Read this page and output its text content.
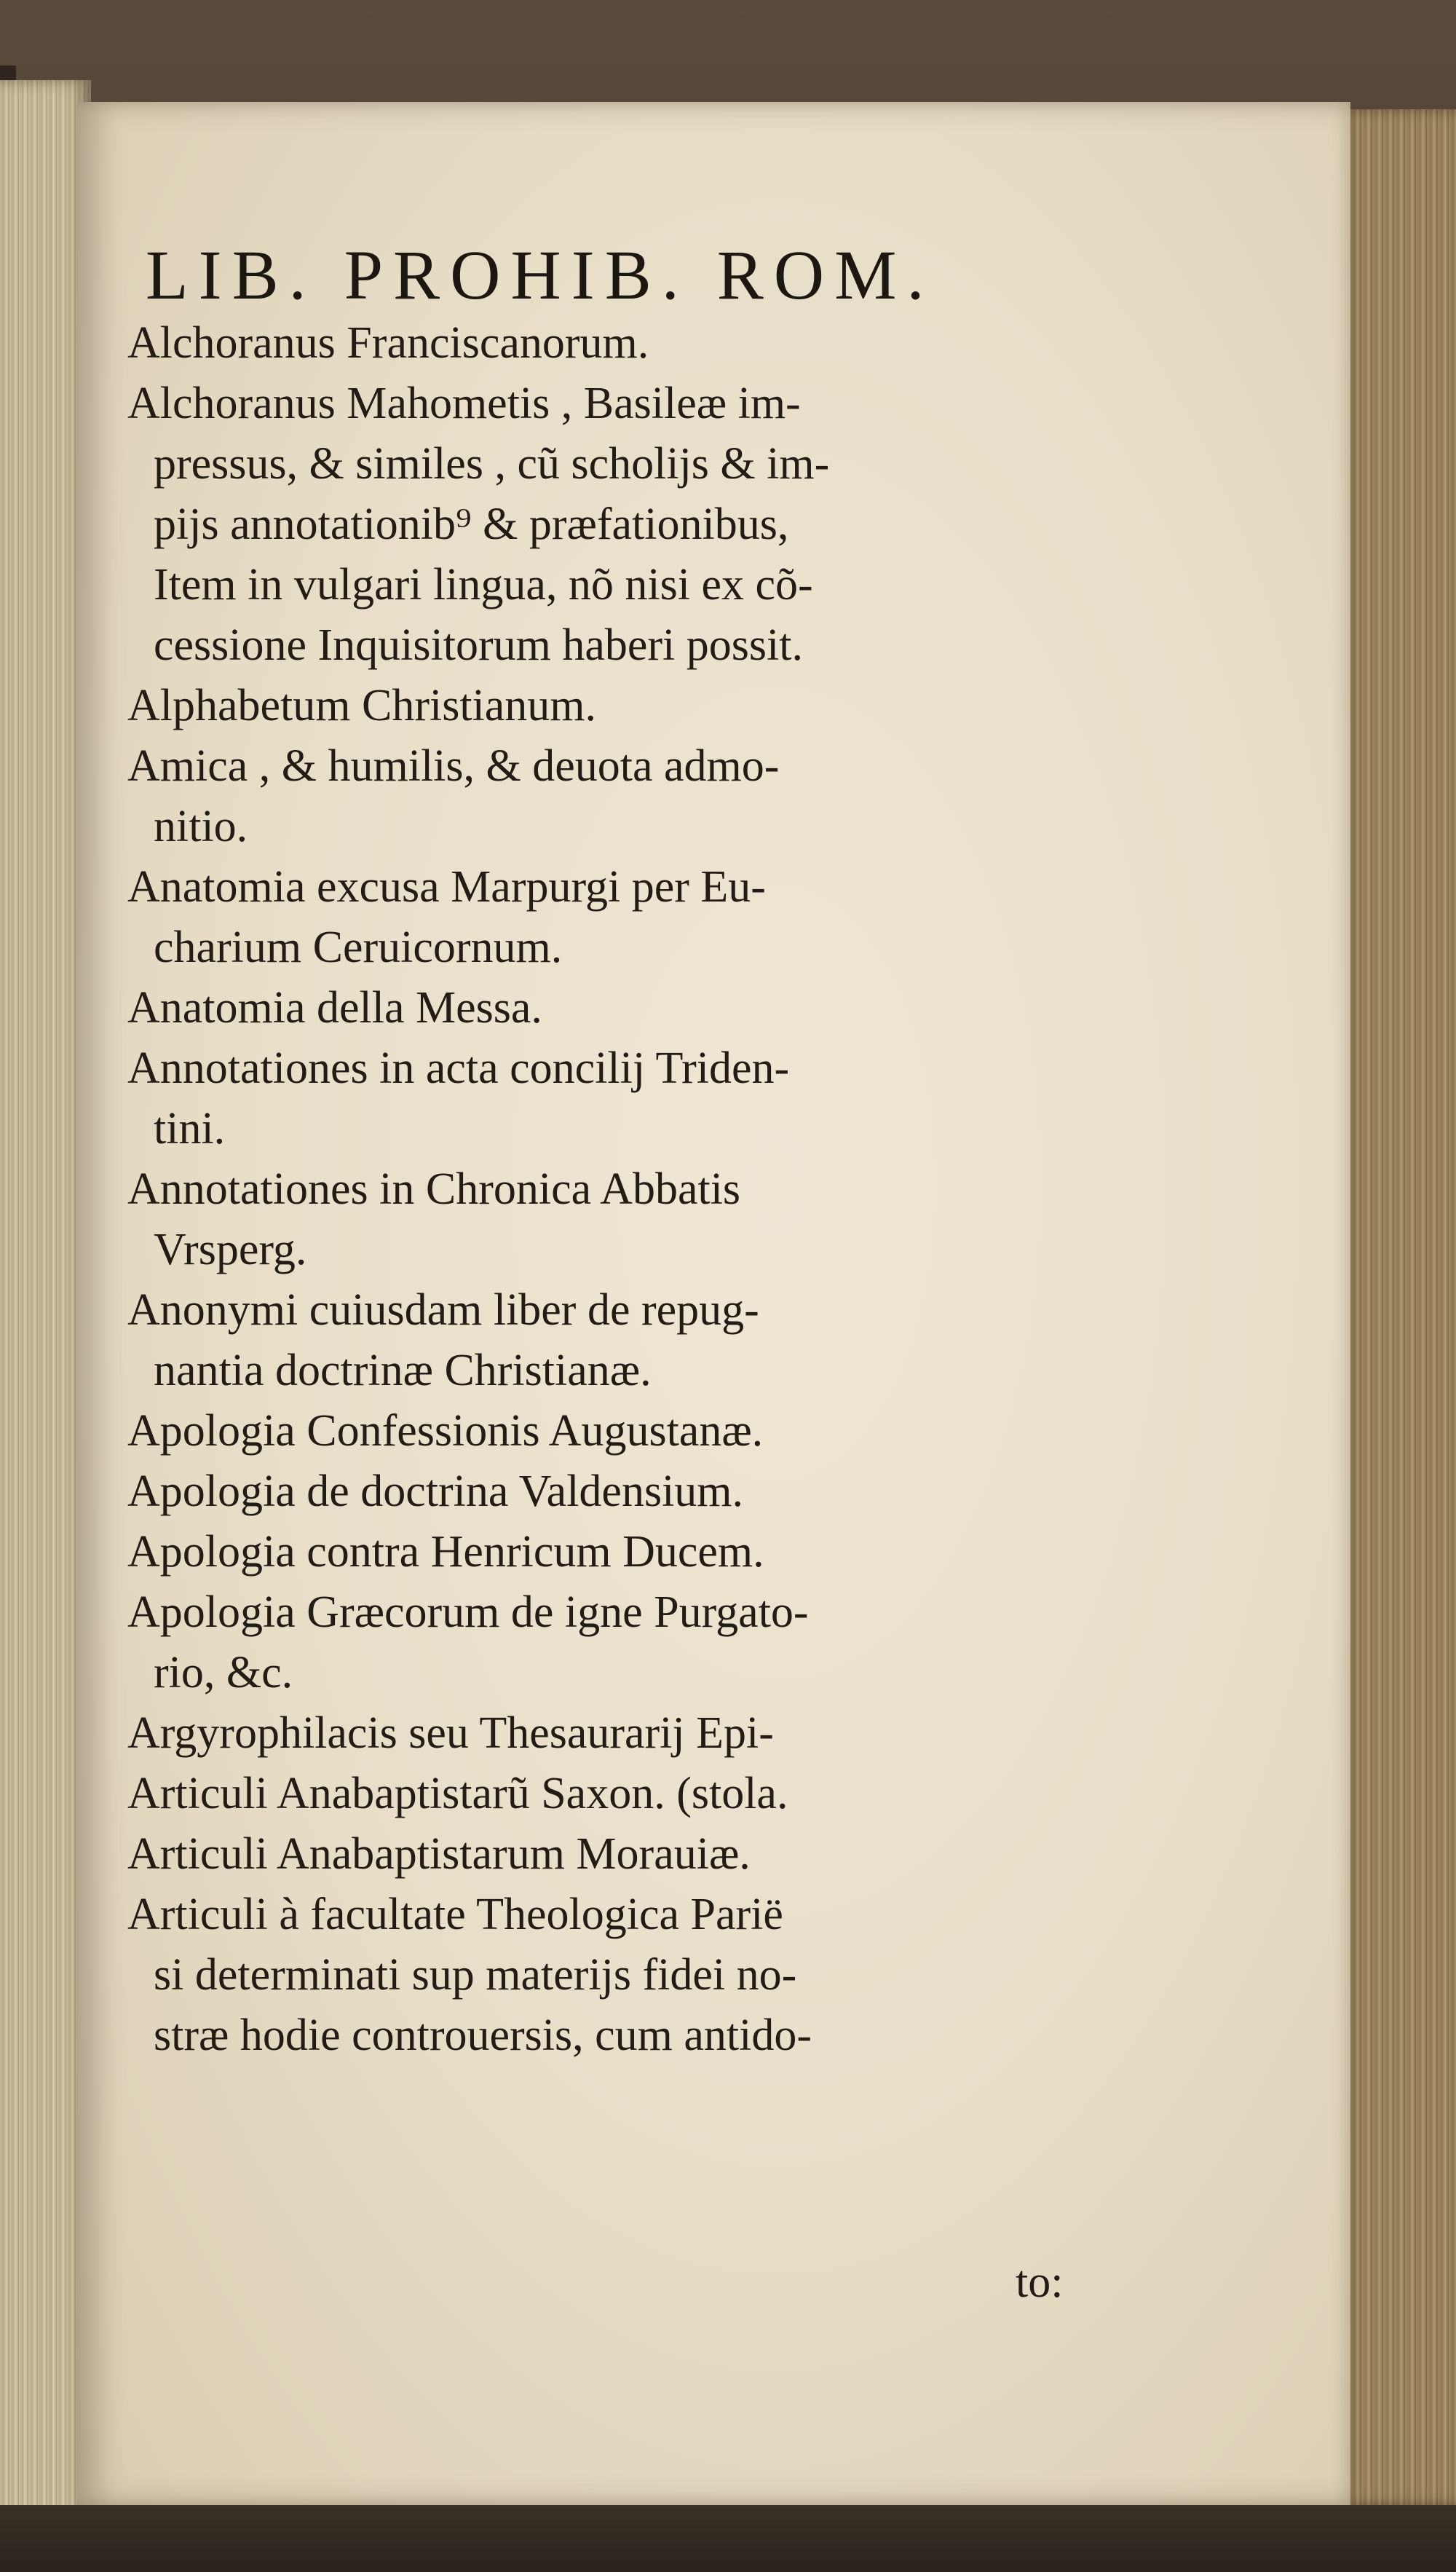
LIB. PROHIB. ROM.
Alchoranus Franciscanorum.
Alchoranus Mahometis , Basileæ im-
pressus, & similes , cũ scholijs & im-
pijs annotationib⁹ & præfationibus,
Item in vulgari lingua, nõ nisi ex cõ-
cessione Inquisitorum haberi possit.
Alphabetum Christianum.
Amica , & humilis, & deuota admo-
nitio.
Anatomia excusa Marpurgi per Eu-
charium Ceruicornum.
Anatomia della Messa.
Annotationes in acta concilij Triden-
tini.
Annotationes in Chronica Abbatis
Vrsperg.
Anonymi cuiusdam liber de repug-
nantia doctrinæ Christianæ.
Apologia Confessionis Augustanæ.
Apologia de doctrina Valdensium.
Apologia contra Henricum Ducem.
Apologia Græcorum de igne Purgato-
rio, &c.
Argyrophilacis seu Thesaurarij Epi-
Articuli Anabaptistarũ Saxon. (stola.
Articuli Anabaptistarum Morauiæ.
Articuli à facultate Theologica Parië
si determinati sup materijs fidei no-
stræ hodie controuersis, cum antido-
to:
